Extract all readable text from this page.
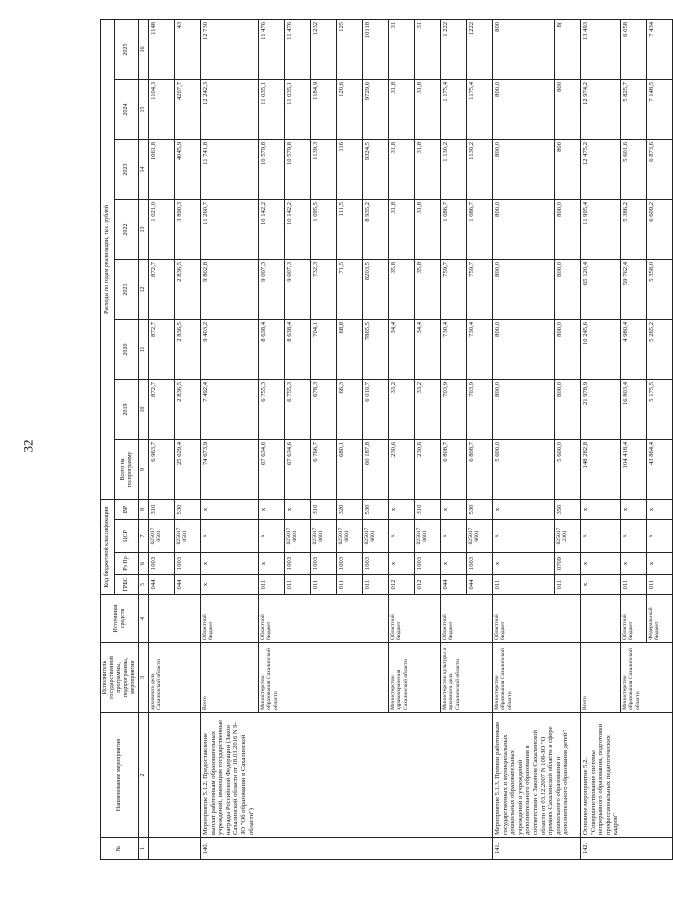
32
№	Наименование мероприятия	Исполнитель государственной программы, подпрограммы, мероприятия	Источники средств	Код бюджетной классификации				Расходы по годам реализации, тыс. рублей							
				ГРБС	Рз Пр	ЦСР	ВР	Всего на госпрограмму	2019	2020	2021	2022	2023	2024	2025

1	2	3	4	5	6	7	8	9	10	11	12	13	14	15	16
		архивного дела Сахалинской области		044	1003	025017 0501	310	6 963,7	872,7	872,7	872,7	1 021,0	1061,8	1104,3	1148
				044	1003	025017 0501	530	25 029,4	2 836,5	2 836,5	2 836,5	3 890,3	4045,9	4207,7	43
140.	Мероприятие 5.1.2. Предоставление выплат работникам образовательных учреждений, имеющим государственные награды Российской Федерации (Закон Сахалинской области от 18.03.2016 N 9-ЗО "Об образовании в Сахалинской области")	Всего	Областной бюджет	х	х	х	х	74 673,9	7 492,4	9 403,2	9 802,8	11 260,7	11 741,8	12 242,3	12 730
		Министерство образования Сахалинской области	Областной бюджет	011	х	х	х	67 634,6	6 755,3	8 638,4	9 007,3	10 142,2	10 579,8	11 035,1	11 476
				011	1003	025017 0601	х	67 634,6	6 755,3	8 638,4	9 007,3	10 142,2	10 579,8	11 035,1	11 476
				011	1003	025017 0601	310	6 766,7	678,3	704,1	732,3	1 095,5	1139,3	1184,9	1232
				011	1003	025017 0601	320	680,1	66,3	68,8	71,5	111,5	116	120,6	125
				011	1003	025017 0601	530	60 187,8	6 010,7	7865,5	8203,5	8 935,2	9324,5	9729,6	10118
		Министерство здравоохранения Сахалинской области	Областной бюджет	012	х	х	х	230,6	33,2	34,4	35,8	31,8	31,8	31,8	31
				012	1003	025017 0601	310	230,6	33,2	34,4	35,8	31,8	31,8	31,8	31
		Министерство культуры и архивного дела Сахалинской области	Областной бюджет	044	х	х	х	6 808,7	703,9	730,4	759,7	1 086,7	1 130,2	1 175,4	1 222
				044	1003	025017 0601	530	6 808,7	703,9	730,4	759,7	1 086,7	1130,2	1175,4	1222
141.	Мероприятие 5.1.3. Премии работникам государственных и муниципальных дошкольных образовательных учреждений и учреждений дополнительного образования в соответствии с Законом Сахалинской области от 03.12.2007 N 108-ЗО "О премиях Сахалинской области в сфере дошкольного образования и дополнительного образования детей"	Министерство образования Сахалинской области	Областной бюджет	011	х	х	х	5 600,0	800,0	800,0	800,0	800,0	800,0	800,0	800
				011	0709	025017 2301	350	5 600,0	800,0	800,0	800,0	800,0	800	800	8(
142.	Основное мероприятие 5.2. "Совершенствование системы непрерывного образования, подготовки профессиональных педагогических кадров"	Всего		х	х	х	х	148 282,8	21 978,9	10 245,6	65 120,4	11 995,4	12 475,2	12 974,2	13 493
		Министерство образования Сахалинской области	Областной бюджет	011	х	х	х	104 418,4	16 803,4	4 980,4	59 762,4	5 386,2	5 601,6	5 825,7	6 058
			Федеральный бюджет	011	х	х	х	43 864,4	5 175,5	5 265,2	5 358,0	6 609,2	6 873,6	7 148,5	7 434
